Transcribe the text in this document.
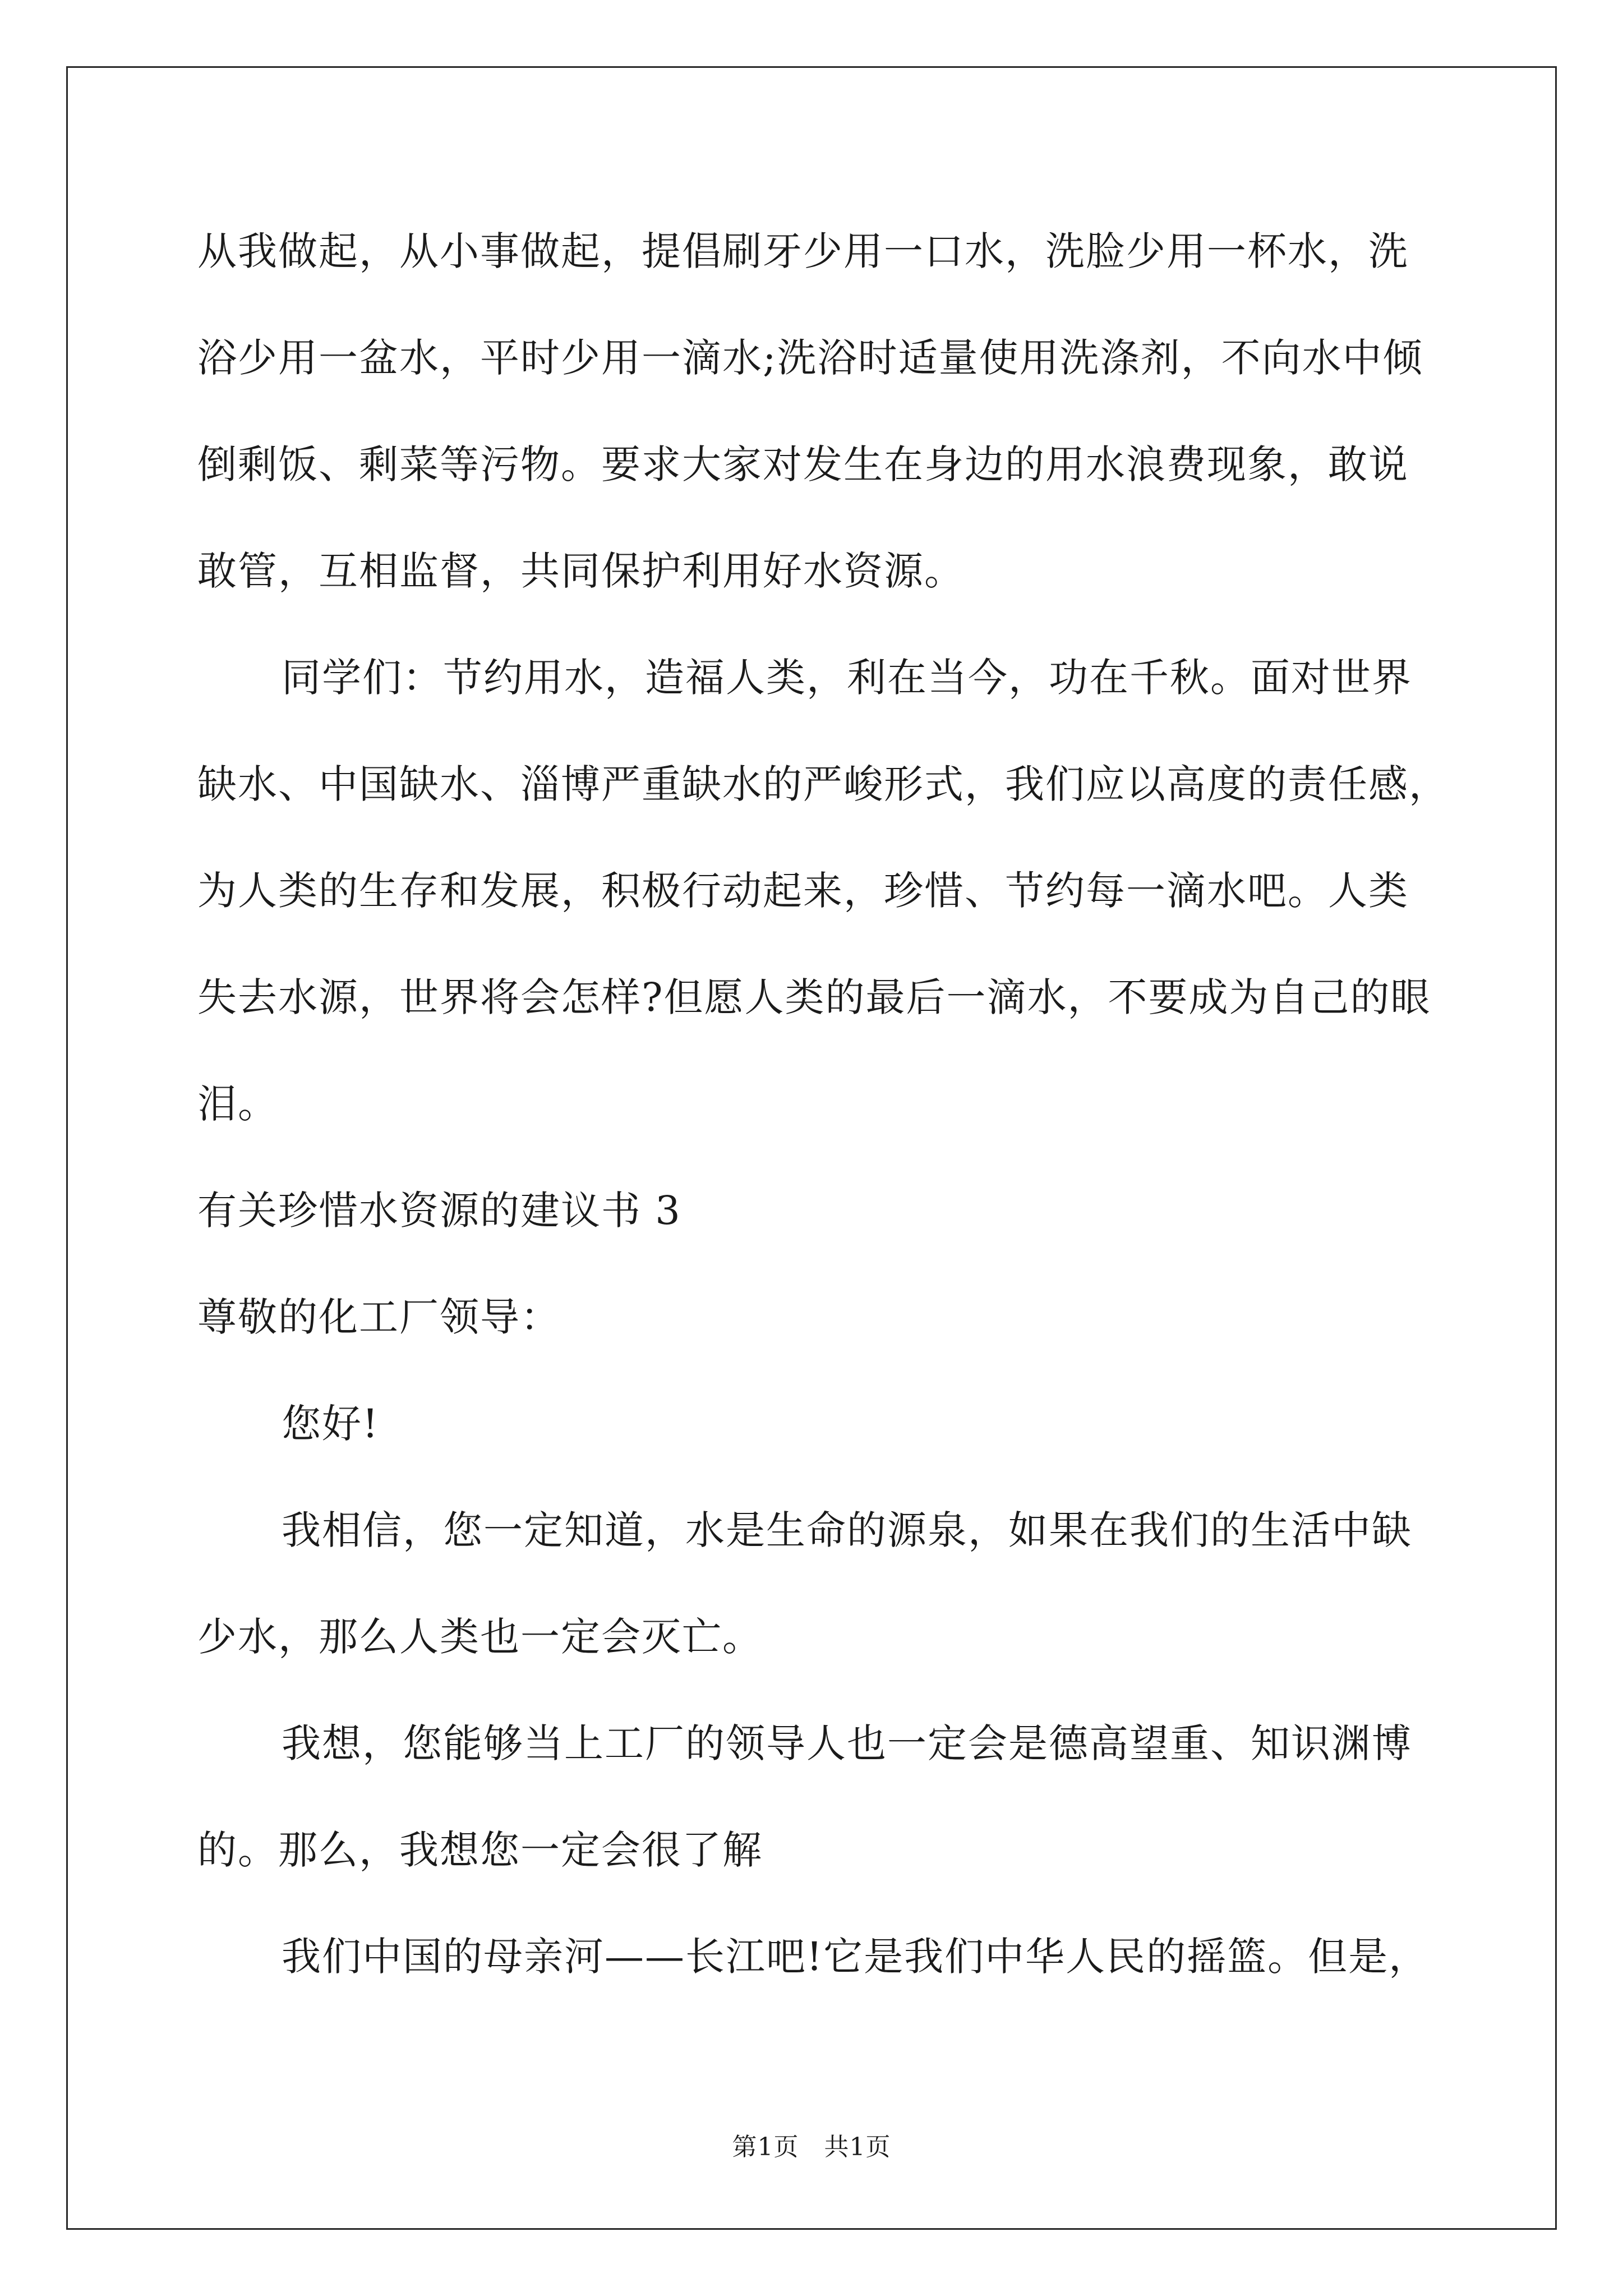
从我做起，从小事做起，提倡刷牙少用一口水，洗脸少用一杯水，洗
浴少用一盆水，平时少用一滴水;洗浴时适量使用洗涤剂，不向水中倾
倒剩饭、剩菜等污物。要求大家对发生在身边的用水浪费现象，敢说
敢管，互相监督，共同保护利用好水资源。
同学们：节约用水，造福人类，利在当今，功在千秋。面对世界
缺水、中国缺水、淄博严重缺水的严峻形式，我们应以高度的责任感，
为人类的生存和发展，积极行动起来，珍惜、节约每一滴水吧。人类
失去水源，世界将会怎样?但愿人类的最后一滴水，不要成为自己的眼
泪。
有关珍惜水资源的建议书 3
尊敬的化工厂领导：
您好!
我相信，您一定知道，水是生命的源泉，如果在我们的生活中缺
少水，那么人类也一定会灭亡。
我想，您能够当上工厂的领导人也一定会是德高望重、知识渊博
的。那么，我想您一定会很了解
我们中国的母亲河——长江吧!它是我们中华人民的摇篮。但是，
第1页　共1页
